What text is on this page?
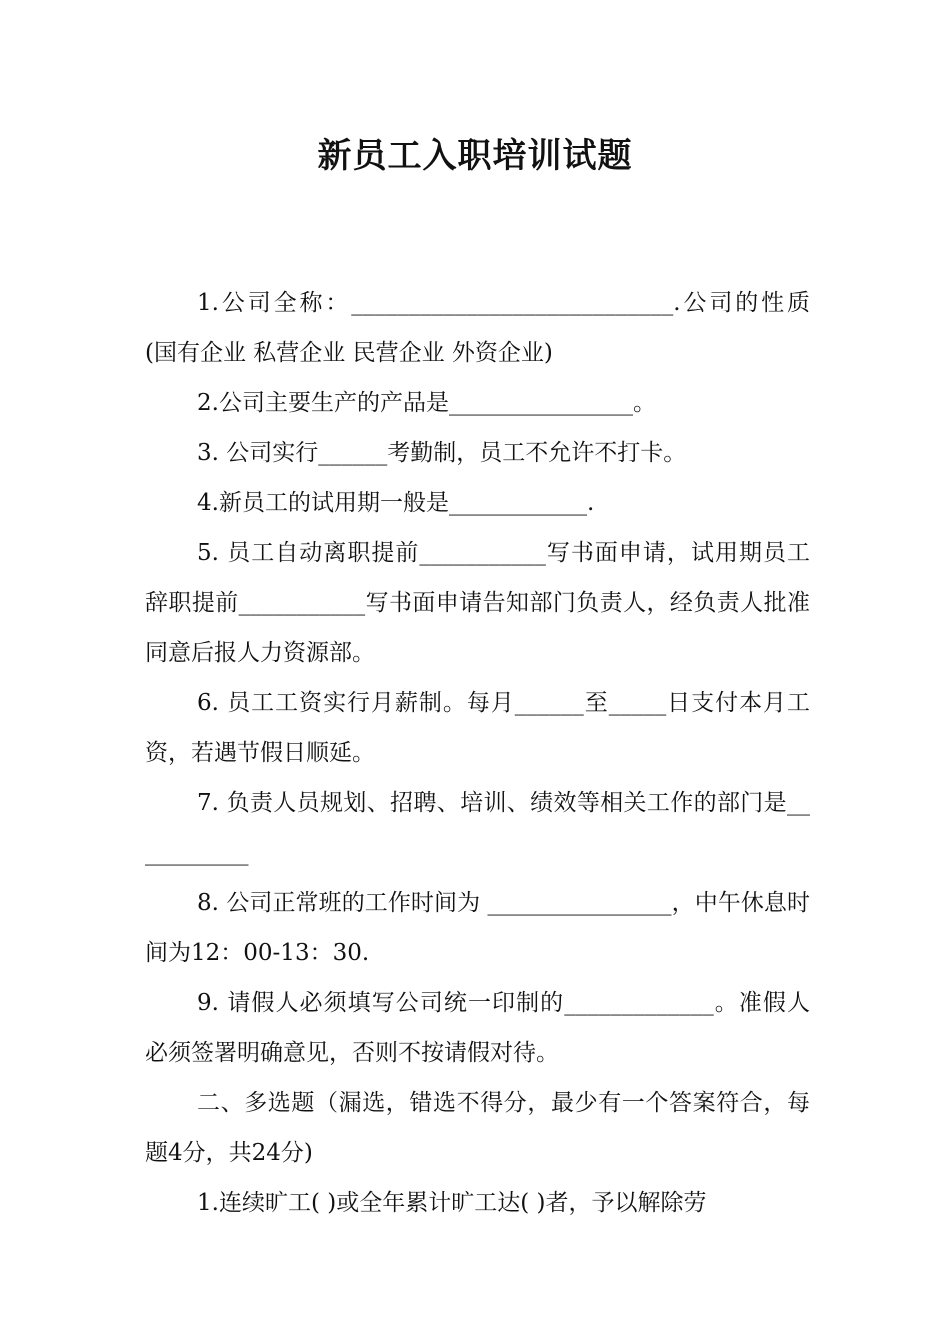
新员工入职培训试题

1.公司全称：____________________________.公司的性质(国有企业 私营企业 民营企业 外资企业)

2.公司主要生产的产品是________________。

3. 公司实行______考勤制，员工不允许不打卡。

4.新员工的试用期一般是____________.

5. 员工自动离职提前___________写书面申请，试用期员工辞职提前___________写书面申请告知部门负责人，经负责人批准同意后报人力资源部。

6. 员工工资实行月薪制。每月______至_____日支付本月工资，若遇节假日顺延。

7. 负责人员规划、招聘、培训、绩效等相关工作的部门是___________

8. 公司正常班的工作时间为 ________________，中午休息时间为12：00-13：30.

9. 请假人必须填写公司统一印制的_____________。准假人必须签署明确意见，否则不按请假对待。

二、多选题（漏选，错选不得分，最少有一个答案符合，每题4分，共24分)

1.连续旷工( )或全年累计旷工达( )者，予以解除劳
